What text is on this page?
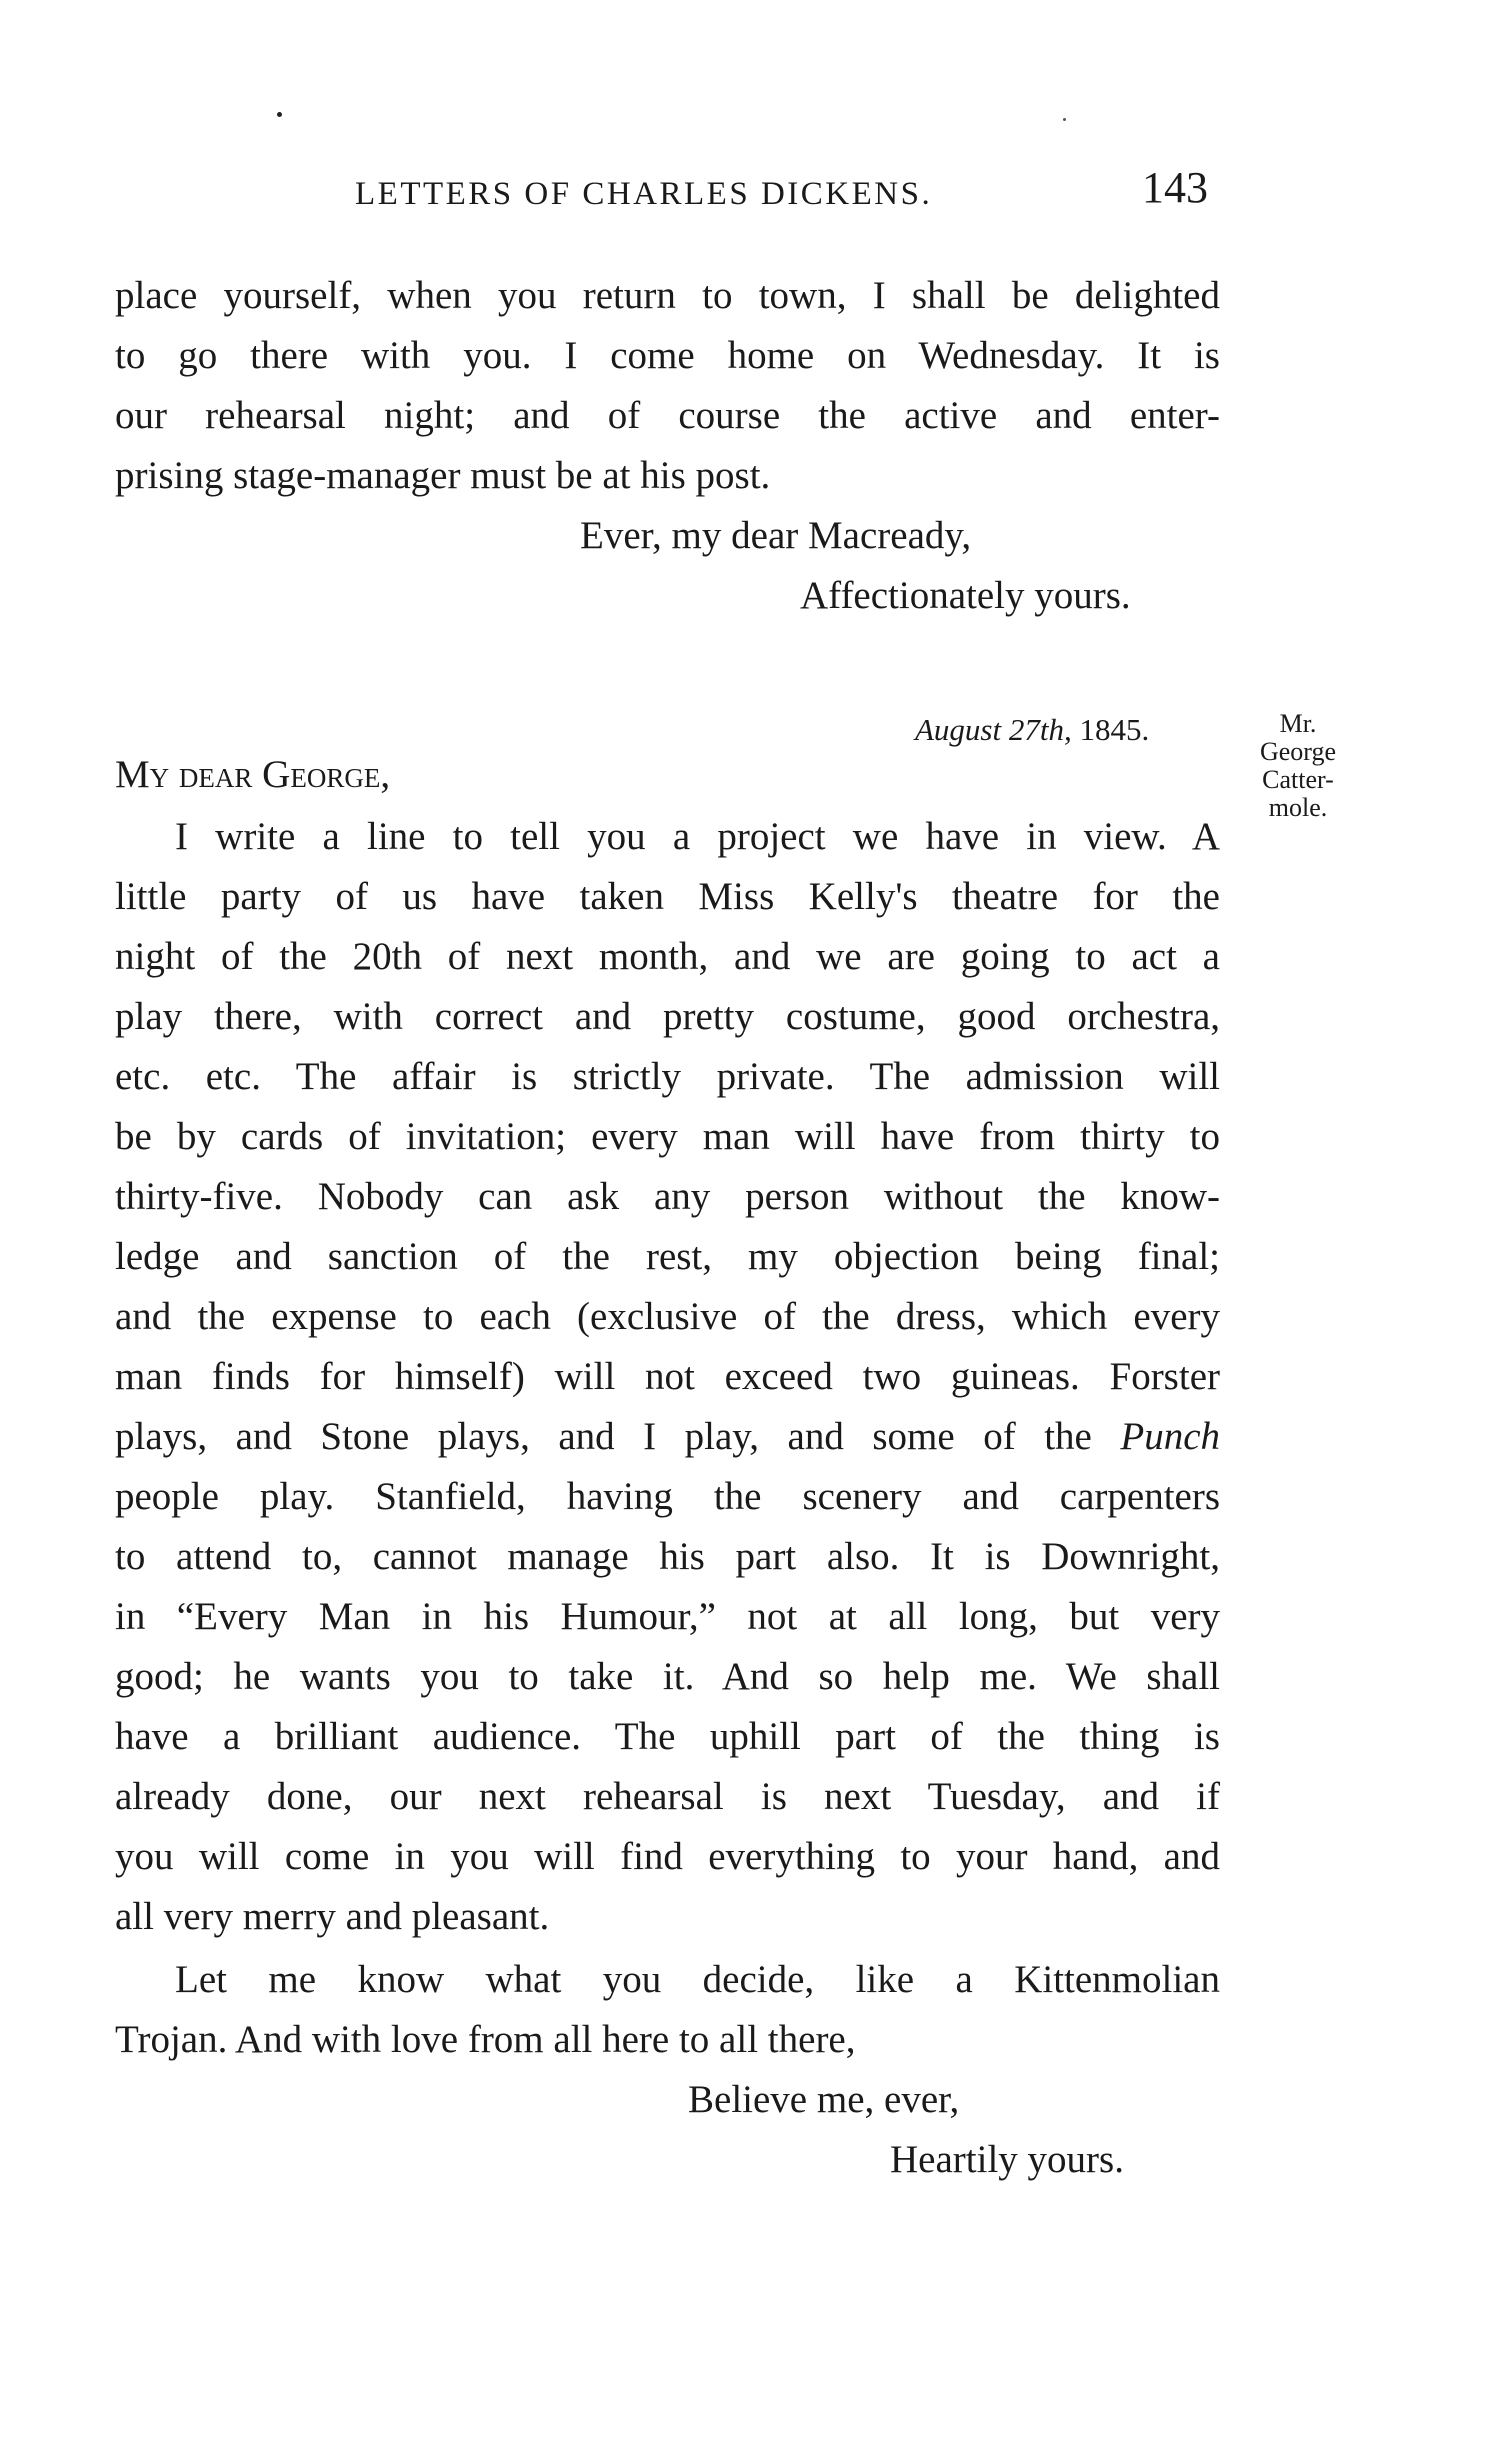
LETTERS OF CHARLES DICKENS.	143
place yourself, when you return to town, I shall be delighted
to go there with you. I come home on Wednesday. It is
our rehearsal night; and of course the active and enter-
prising stage-manager must be at his post.
Ever, my dear Macready,
Affectionately yours.
August 27th, 1845.	Mr.
George
Catter-
mole.
My dear George,
I write a line to tell you a project we have in view. A
little party of us have taken Miss Kelly's theatre for the
night of the 20th of next month, and we are going to act a
play there, with correct and pretty costume, good orchestra,
etc. etc. The affair is strictly private. The admission will
be by cards of invitation; every man will have from thirty to
thirty-five. Nobody can ask any person without the know-
ledge and sanction of the rest, my objection being final;
and the expense to each (exclusive of the dress, which every
man finds for himself) will not exceed two guineas. Forster
plays, and Stone plays, and I play, and some of the Punch
people play. Stanfield, having the scenery and carpenters
to attend to, cannot manage his part also. It is Downright,
in “Every Man in his Humour,” not at all long, but very
good; he wants you to take it. And so help me. We shall
have a brilliant audience. The uphill part of the thing is
already done, our next rehearsal is next Tuesday, and if
you will come in you will find everything to your hand, and
all very merry and pleasant.
Let me know what you decide, like a Kittenmolian
Trojan. And with love from all here to all there,
Believe me, ever,
Heartily yours.
